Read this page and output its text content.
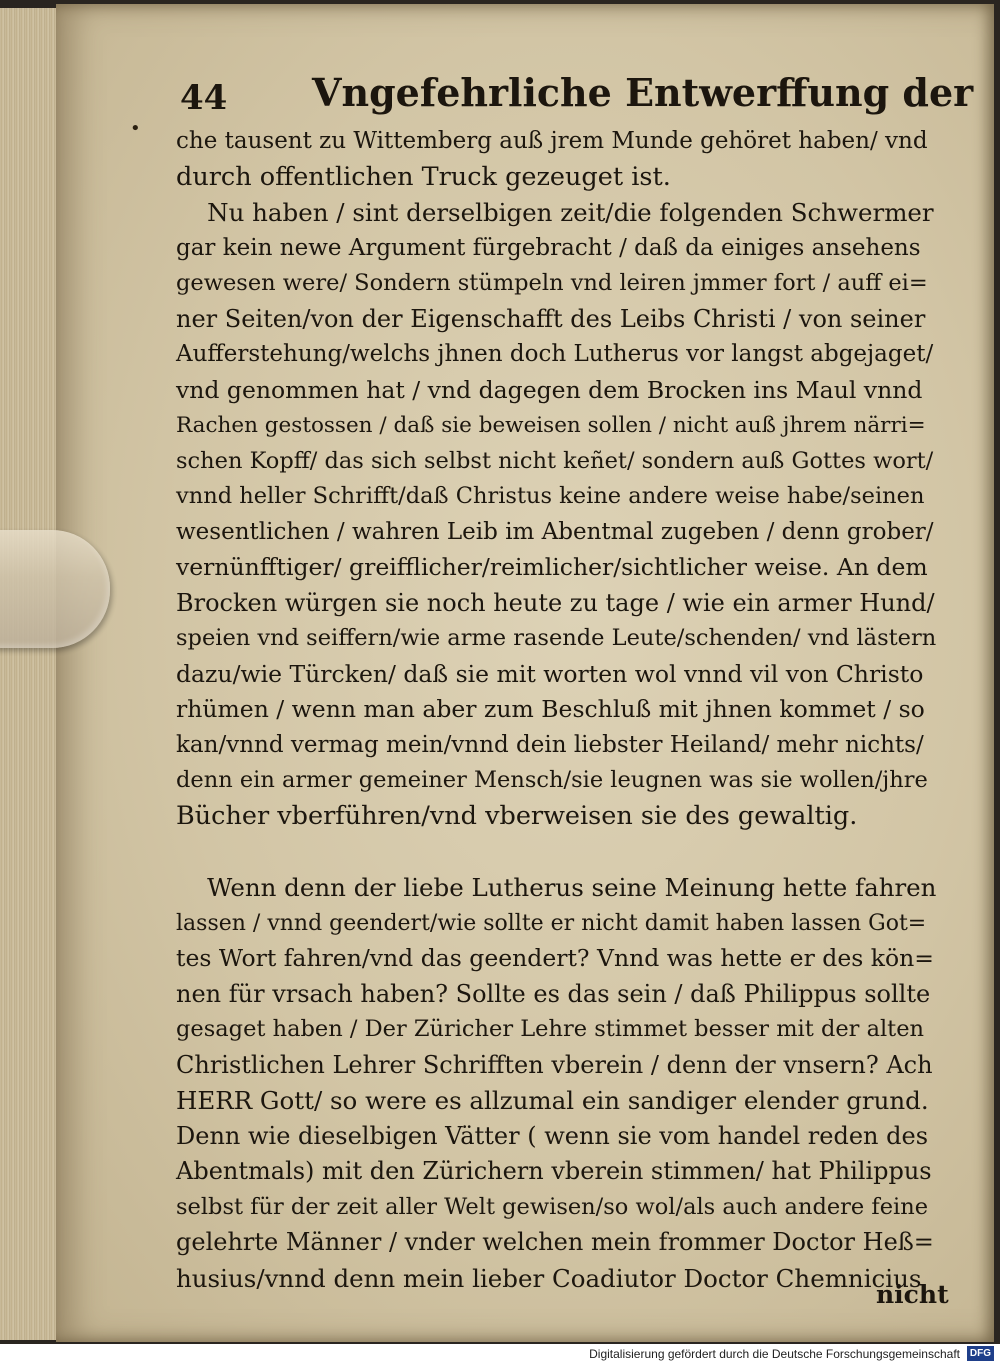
•
44 Vngefehrliche Entwerffung der
che tausent zu Wittemberg auß jrem Munde gehöret haben/ vnd
durch offentlichen Truck gezeuget ist.
Nu haben / sint derselbigen zeit/die folgenden Schwermer
gar kein newe Argument fürgebracht / daß da einiges ansehens
gewesen were/ Sondern stümpeln vnd leiren jmmer fort / auff ei=
ner Seiten/von der Eigenschafft des Leibs Christi / von seiner
Aufferstehung/welchs jhnen doch Lutherus vor langst abgejaget/
vnd genommen hat / vnd dagegen dem Brocken ins Maul vnnd
Rachen gestossen / daß sie beweisen sollen / nicht auß jhrem närri=
schen Kopff/ das sich selbst nicht keñet/ sondern auß Gottes wort/
vnnd heller Schrifft/daß Christus keine andere weise habe/seinen
wesentlichen / wahren Leib im Abentmal zugeben / denn grober/
vernünfftiger/ greifflicher/reimlicher/sichtlicher weise. An dem
Brocken würgen sie noch heute zu tage / wie ein armer Hund/
speien vnd seiffern/wie arme rasende Leute/schenden/ vnd lästern
dazu/wie Türcken/ daß sie mit worten wol vnnd vil von Christo
rhümen / wenn man aber zum Beschluß mit jhnen kommet / so
kan/vnnd vermag mein/vnnd dein liebster Heiland/ mehr nichts/
denn ein armer gemeiner Mensch/sie leugnen was sie wollen/jhre
Bücher vberführen/vnd vberweisen sie des gewaltig.
Wenn denn der liebe Lutherus seine Meinung hette fahren
lassen / vnnd geendert/wie sollte er nicht damit haben lassen Got=
tes Wort fahren/vnd das geendert? Vnnd was hette er des kön=
nen für vrsach haben? Sollte es das sein / daß Philippus sollte
gesaget haben / Der Züricher Lehre stimmet besser mit der alten
Christlichen Lehrer Schrifften vberein / denn der vnsern? Ach
HERR Gott/ so were es allzumal ein sandiger elender grund.
Denn wie dieselbigen Vätter ( wenn sie vom handel reden des
Abentmals) mit den Zürichern vberein stimmen/ hat Philippus
selbst für der zeit aller Welt gewisen/so wol/als auch andere feine
gelehrte Männer / vnder welchen mein frommer Doctor Heß=
husius/vnnd denn mein lieber Coadiutor Doctor Chemnicius
nicht
Digitalisierung gefördert durch die Deutsche Forschungsgemeinschaft DFG
